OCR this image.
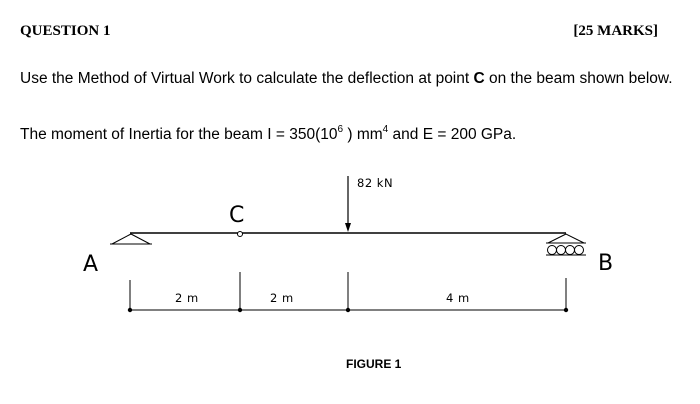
QUESTION 1	[25 MARKS]
Use the Method of Virtual Work to calculate the deflection at point C on the beam shown below.
The moment of Inertia for the beam $I = 350(10^6$ ) $mm^4$ and E = 200 GPa.
82 kN
A	B
C
2 m	2 m	4 m
FIGURE 1
